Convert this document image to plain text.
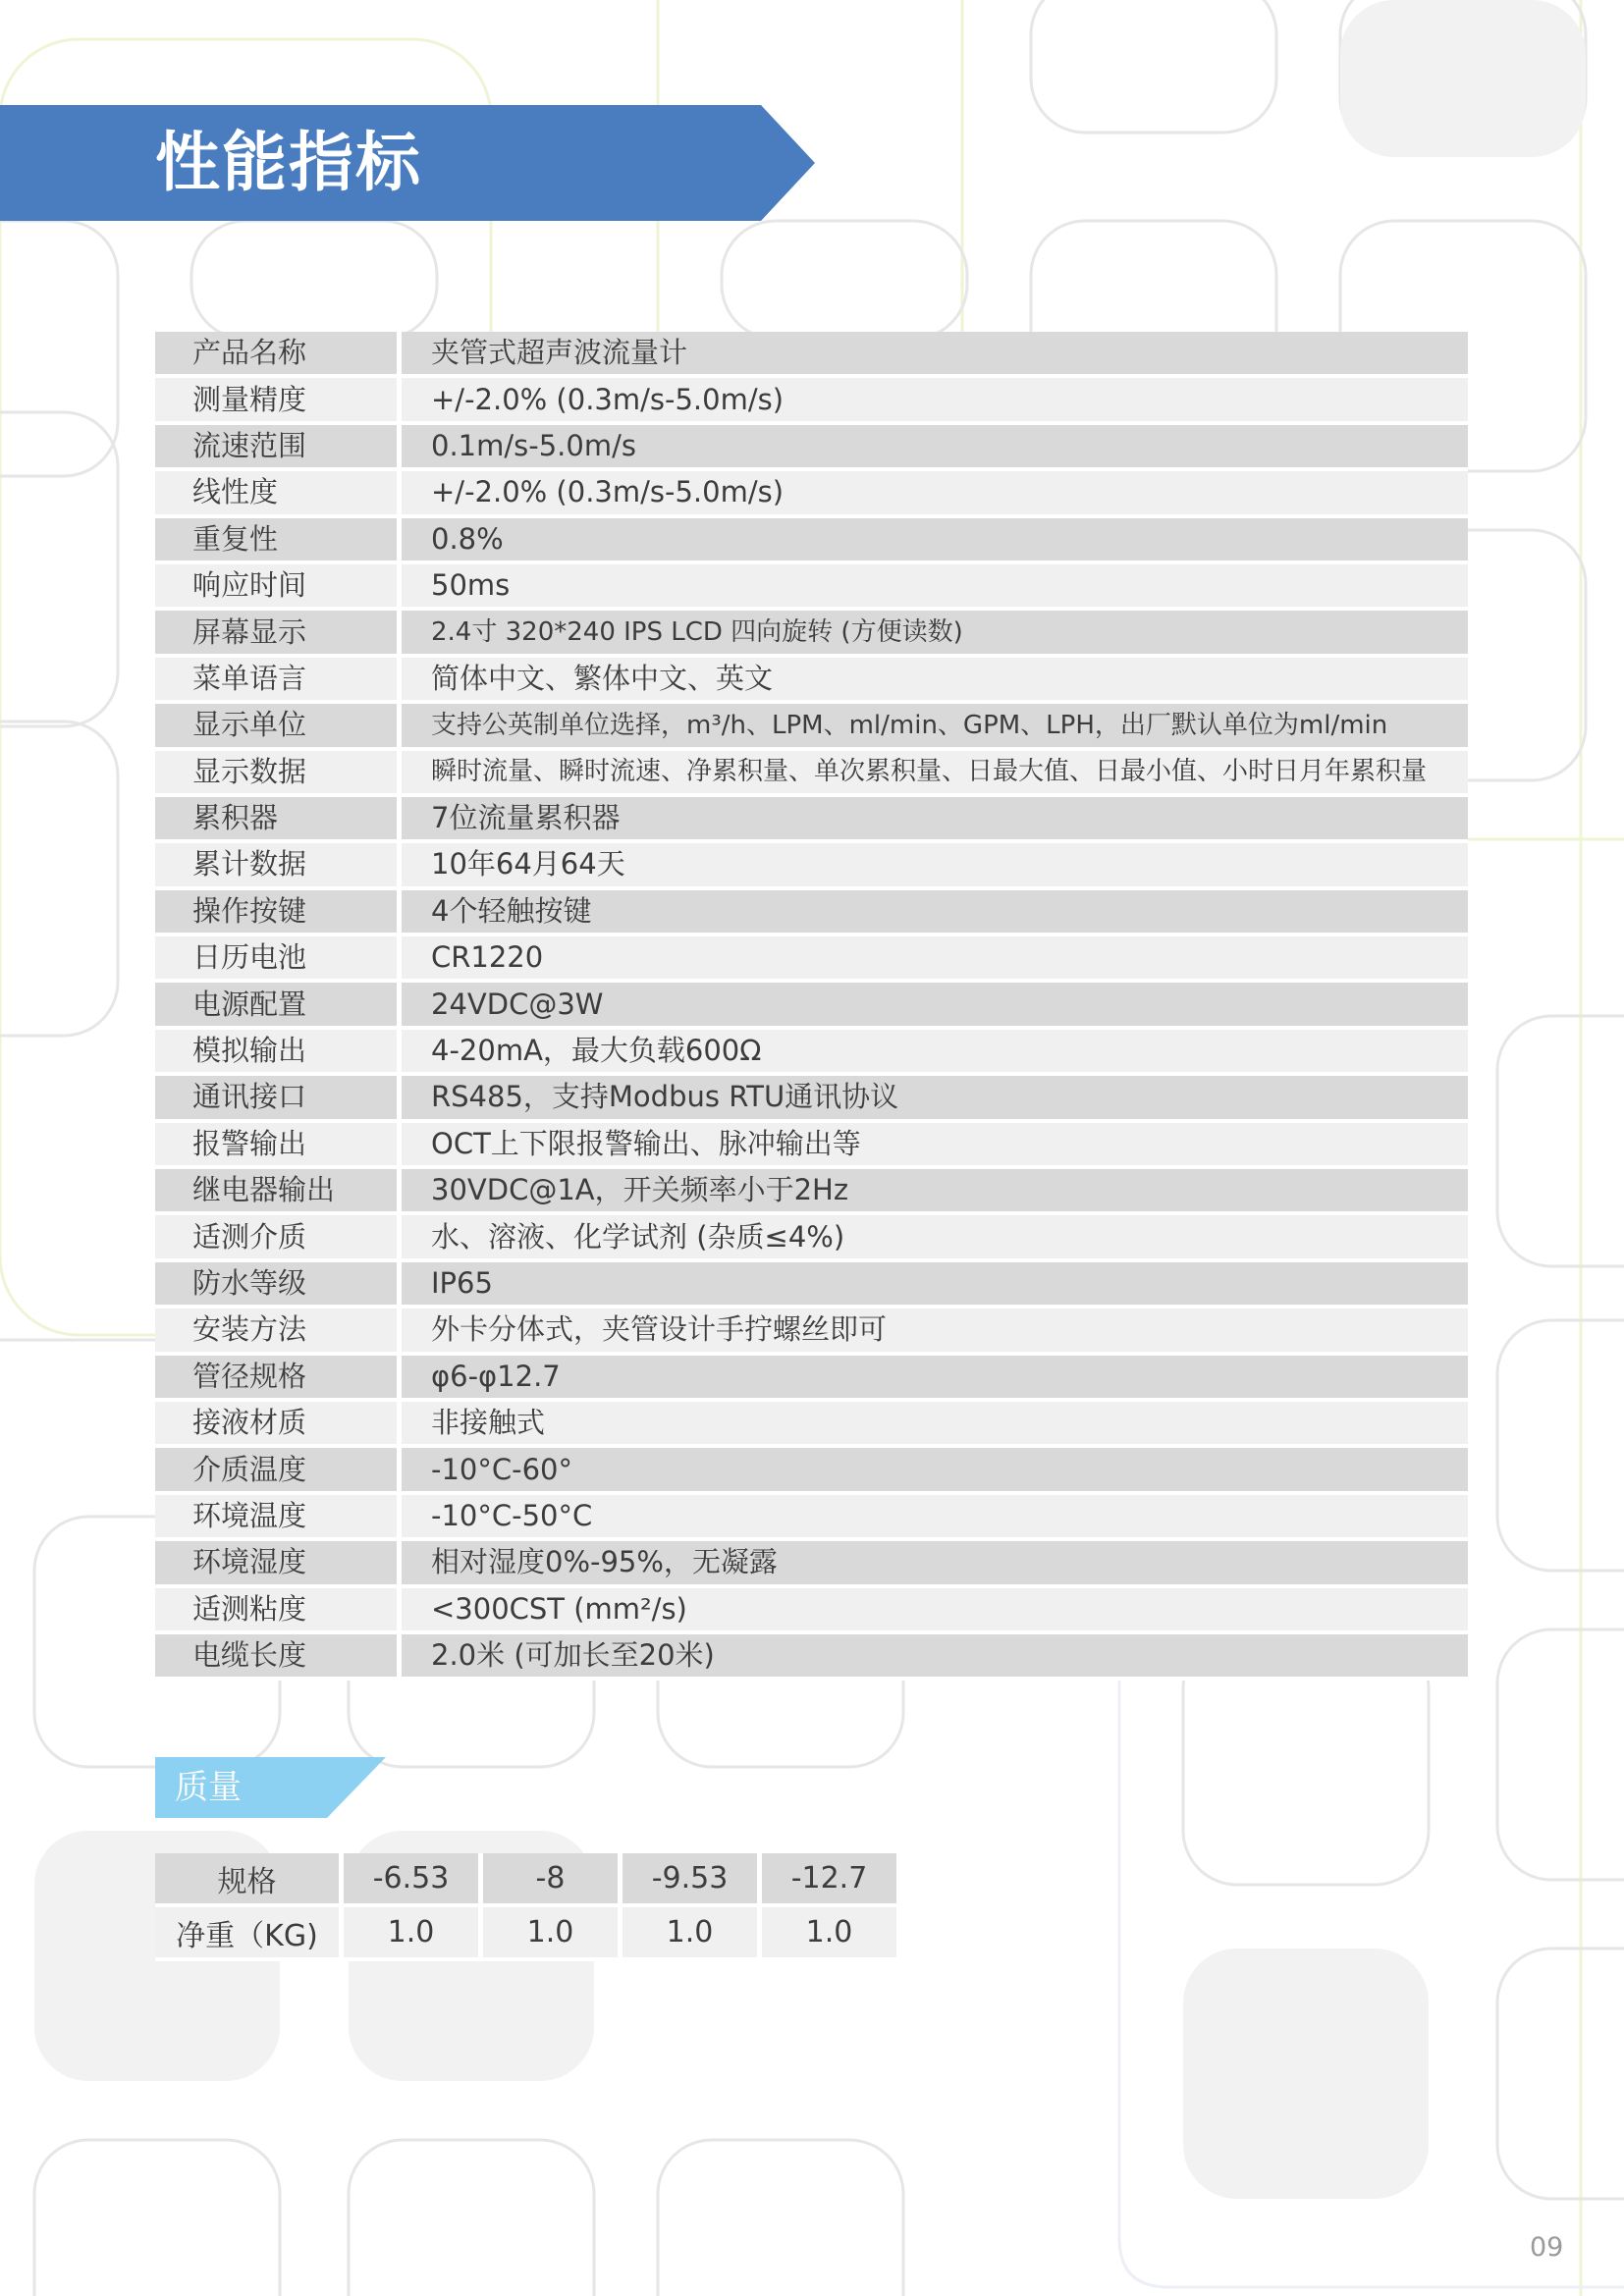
性能指标
产品名称	夹管式超声波流量计
测量精度	+/-2.0% (0.3m/s-5.0m/s)
流速范围	0.1m/s-5.0m/s
线性度	+/-2.0% (0.3m/s-5.0m/s)
重复性	0.8%
响应时间	50ms
屏幕显示	2.4寸 320*240 IPS LCD 四向旋转 (方便读数)
菜单语言	简体中文、繁体中文、英文
显示单位	支持公英制单位选择，m³/h、LPM、ml/min、GPM、LPH，出厂默认单位为ml/min
显示数据	瞬时流量、瞬时流速、净累积量、单次累积量、日最大值、日最小值、小时日月年累积量
累积器	7位流量累积器
累计数据	10年64月64天
操作按键	4个轻触按键
日历电池	CR1220
电源配置	24VDC@3W
模拟输出	4-20mA，最大负载600Ω
通讯接口	RS485，支持Modbus RTU通讯协议
报警输出	OCT上下限报警输出、脉冲输出等
继电器输出	30VDC@1A，开关频率小于2Hz
适测介质	水、溶液、化学试剂 (杂质≤4%)
防水等级	IP65
安装方法	外卡分体式，夹管设计手拧螺丝即可
管径规格	φ6-φ12.7
接液材质	非接触式
介质温度	-10°C-60°
环境温度	-10°C-50°C
环境湿度	相对湿度0%-95%，无凝露
适测粘度	<300CST (mm²/s)
电缆长度	2.0米 (可加长至20米)
质量
规格	-6.53	-8	-9.53	-12.7
净重（KG)	1.0	1.0	1.0	1.0
09
